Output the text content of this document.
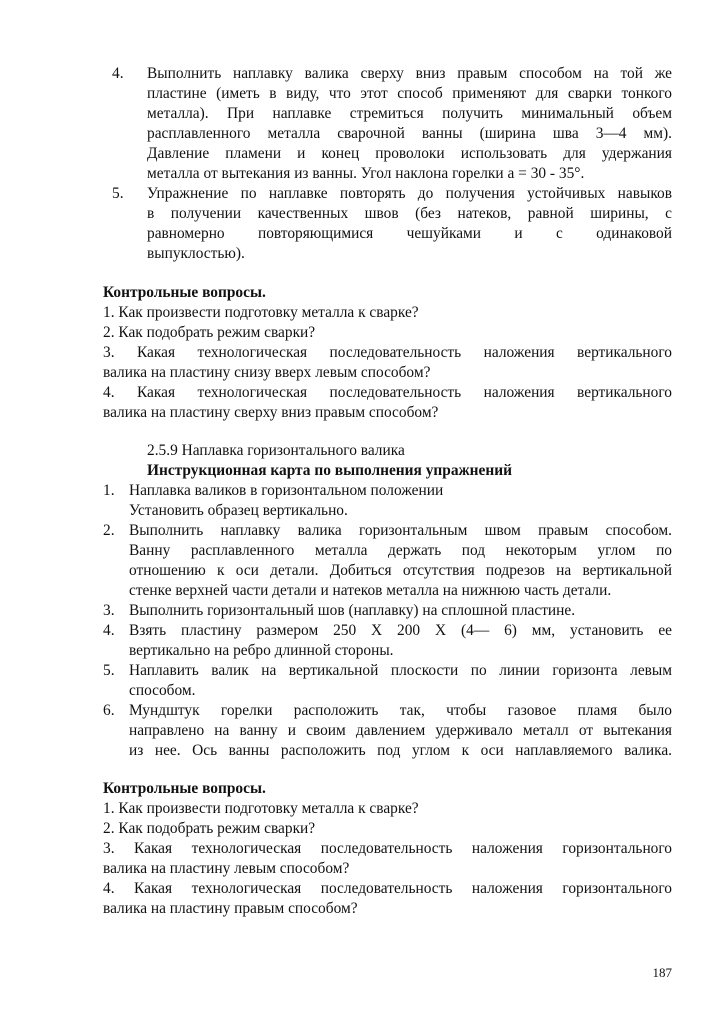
4. Выполнить наплавку валика сверху вниз правым способом на той же
пластине (иметь в виду, что этот способ применяют для сварки тонкого
металла). При наплавке стремиться получить минимальный объем
расплавленного металла сварочной ванны (ширина шва 3—4 мм).
Давление пламени и конец проволоки использовать для удержания
металла от вытекания из ванны. Угол наклона горелки a = 30 - 35°.
5. Упражнение по наплавке повторять до получения устойчивых навыков
в получении качественных швов (без натеков, равной ширины, с
равномерно повторяющимися чешуйками и с одинаковой
выпуклостью).
Контрольные вопросы.
1. Как произвести подготовку металла к сварке?
2. Как подобрать режим сварки?
3. Какая технологическая последовательность наложения вертикального
валика на пластину снизу вверх левым способом?
4. Какая технологическая последовательность наложения вертикального
валика на пластину сверху вниз правым способом?
2.5.9 Наплавка горизонтального валика
Инструкционная карта по выполнения упражнений
1. Наплавка валиков в горизонтальном положении
Установить образец вертикально.
2. Выполнить наплавку валика горизонтальным швом правым способом.
Ванну расплавленного металла держать под некоторым углом по
отношению к оси детали. Добиться отсутствия подрезов на вертикальной
стенке верхней части детали и натеков металла на нижнюю часть детали.
3. Выполнить горизонтальный шов (наплавку) на сплошной пластине.
4. Взять пластину размером 250 X 200 X (4— 6) мм, установить ее
вертикально на ребро длинной стороны.
5. Наплавить валик на вертикальной плоскости по линии горизонта левым
способом.
6. Мундштук горелки расположить так, чтобы газовое пламя было
направлено на ванну и своим давлением удерживало металл от вытекания
из нее. Ось ванны расположить под углом к оси наплавляемого валика.
Контрольные вопросы.
1. Как произвести подготовку металла к сварке?
2. Как подобрать режим сварки?
3. Какая технологическая последовательность наложения горизонтального
валика на пластину левым способом?
4. Какая технологическая последовательность наложения горизонтального
валика на пластину правым способом?
187
